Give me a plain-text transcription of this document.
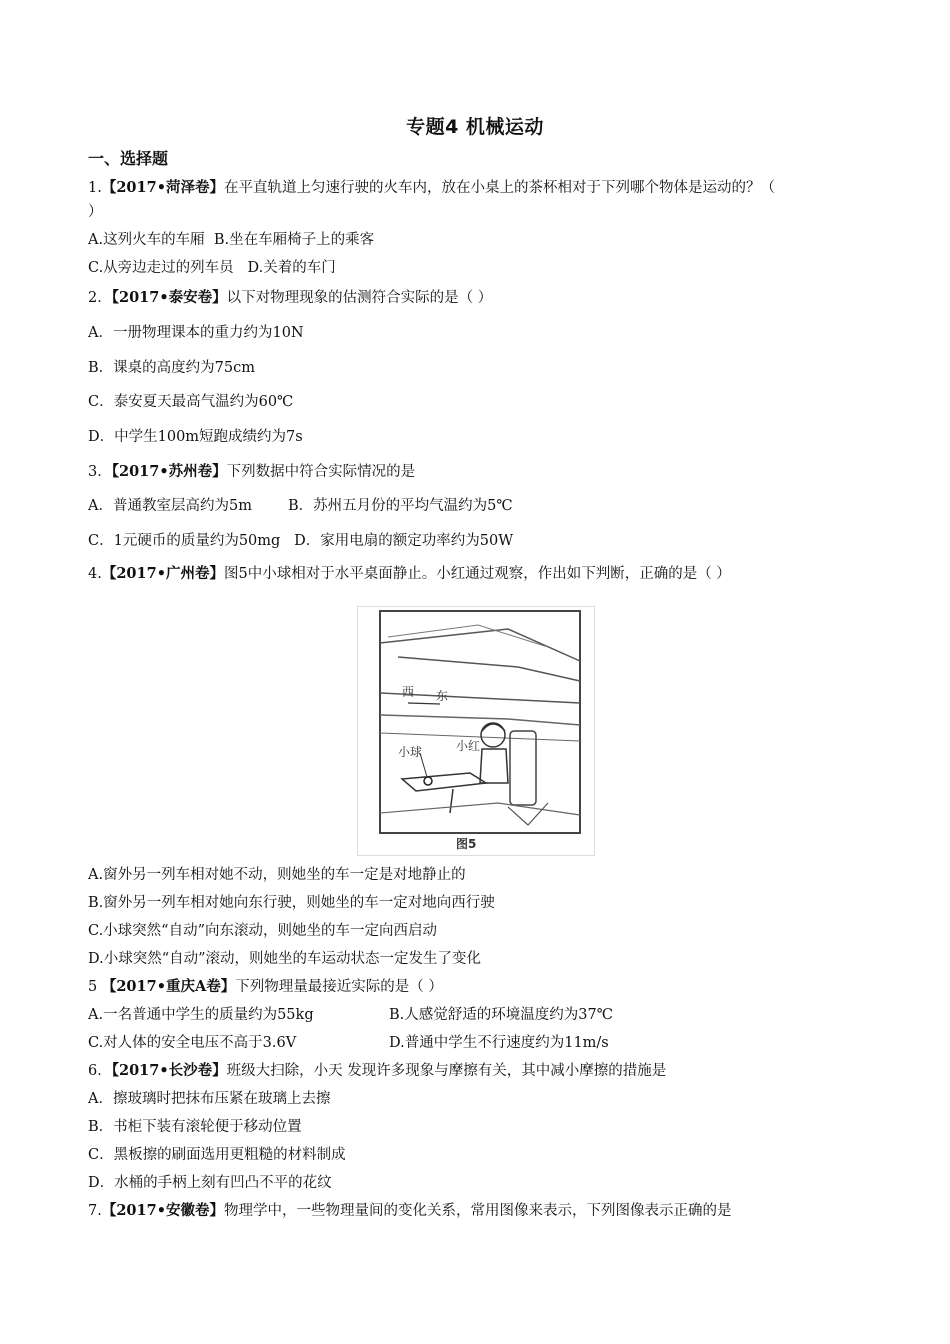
专题4 机械运动
一、选择题
1.【2017•菏泽卷】在平直轨道上匀速行驶的火车内，放在小桌上的茶杯相对于下列哪个物体是运动的？（
）
A.这列火车的车厢 B.坐在车厢椅子上的乘客
C.从旁边走过的列车员 D.关着的车门
2．【2017•泰安卷】以下对物理现象的估测符合实际的是（ ）
A．一册物理课本的重力约为10N
B．课桌的高度约为75cm
C．泰安夏天最高气温约为60℃
D．中学生100m短跑成绩约为7s
3．【2017•苏州卷】下列数据中符合实际情况的是
A．普通教室层高约为5m B．苏州五月份的平均气温约为5℃
C．1元硬币的质量约为50mg D．家用电扇的额定功率约为50W
4.【2017•广州卷】图5中小球相对于水平桌面静止。小红通过观察，作出如下判断，正确的是（ ）
西 东
小球	小红
图5
A.窗外另一列车相对她不动，则她坐的车一定是对地静止的
B.窗外另一列车相对她向东行驶，则她坐的车一定对地向西行驶
C.小球突然“自动”向东滚动，则她坐的车一定向西启动
D.小球突然“自动”滚动，则她坐的车运动状态一定发生了变化
5 【2017•重庆A卷】下列物理量最接近实际的是（ ）
A.一名普通中学生的质量约为55kg	B.人感觉舒适的环境温度约为37℃
C.对人体的安全电压不高于3.6V	D.普通中学生不行速度约为11m/s
6．【2017•长沙卷】班级大扫除，小天 发现许多现象与摩擦有关，其中减小摩擦的措施是
A．擦玻璃时把抹布压紧在玻璃上去擦
B．书柜下装有滚轮便于移动位置
C．黑板擦的刷面选用更粗糙的材料制成
D．水桶的手柄上刻有凹凸不平的花纹
7.【2017•安徽卷】物理学中，一些物理量间的变化关系，常用图像来表示，下列图像表示正确的是
